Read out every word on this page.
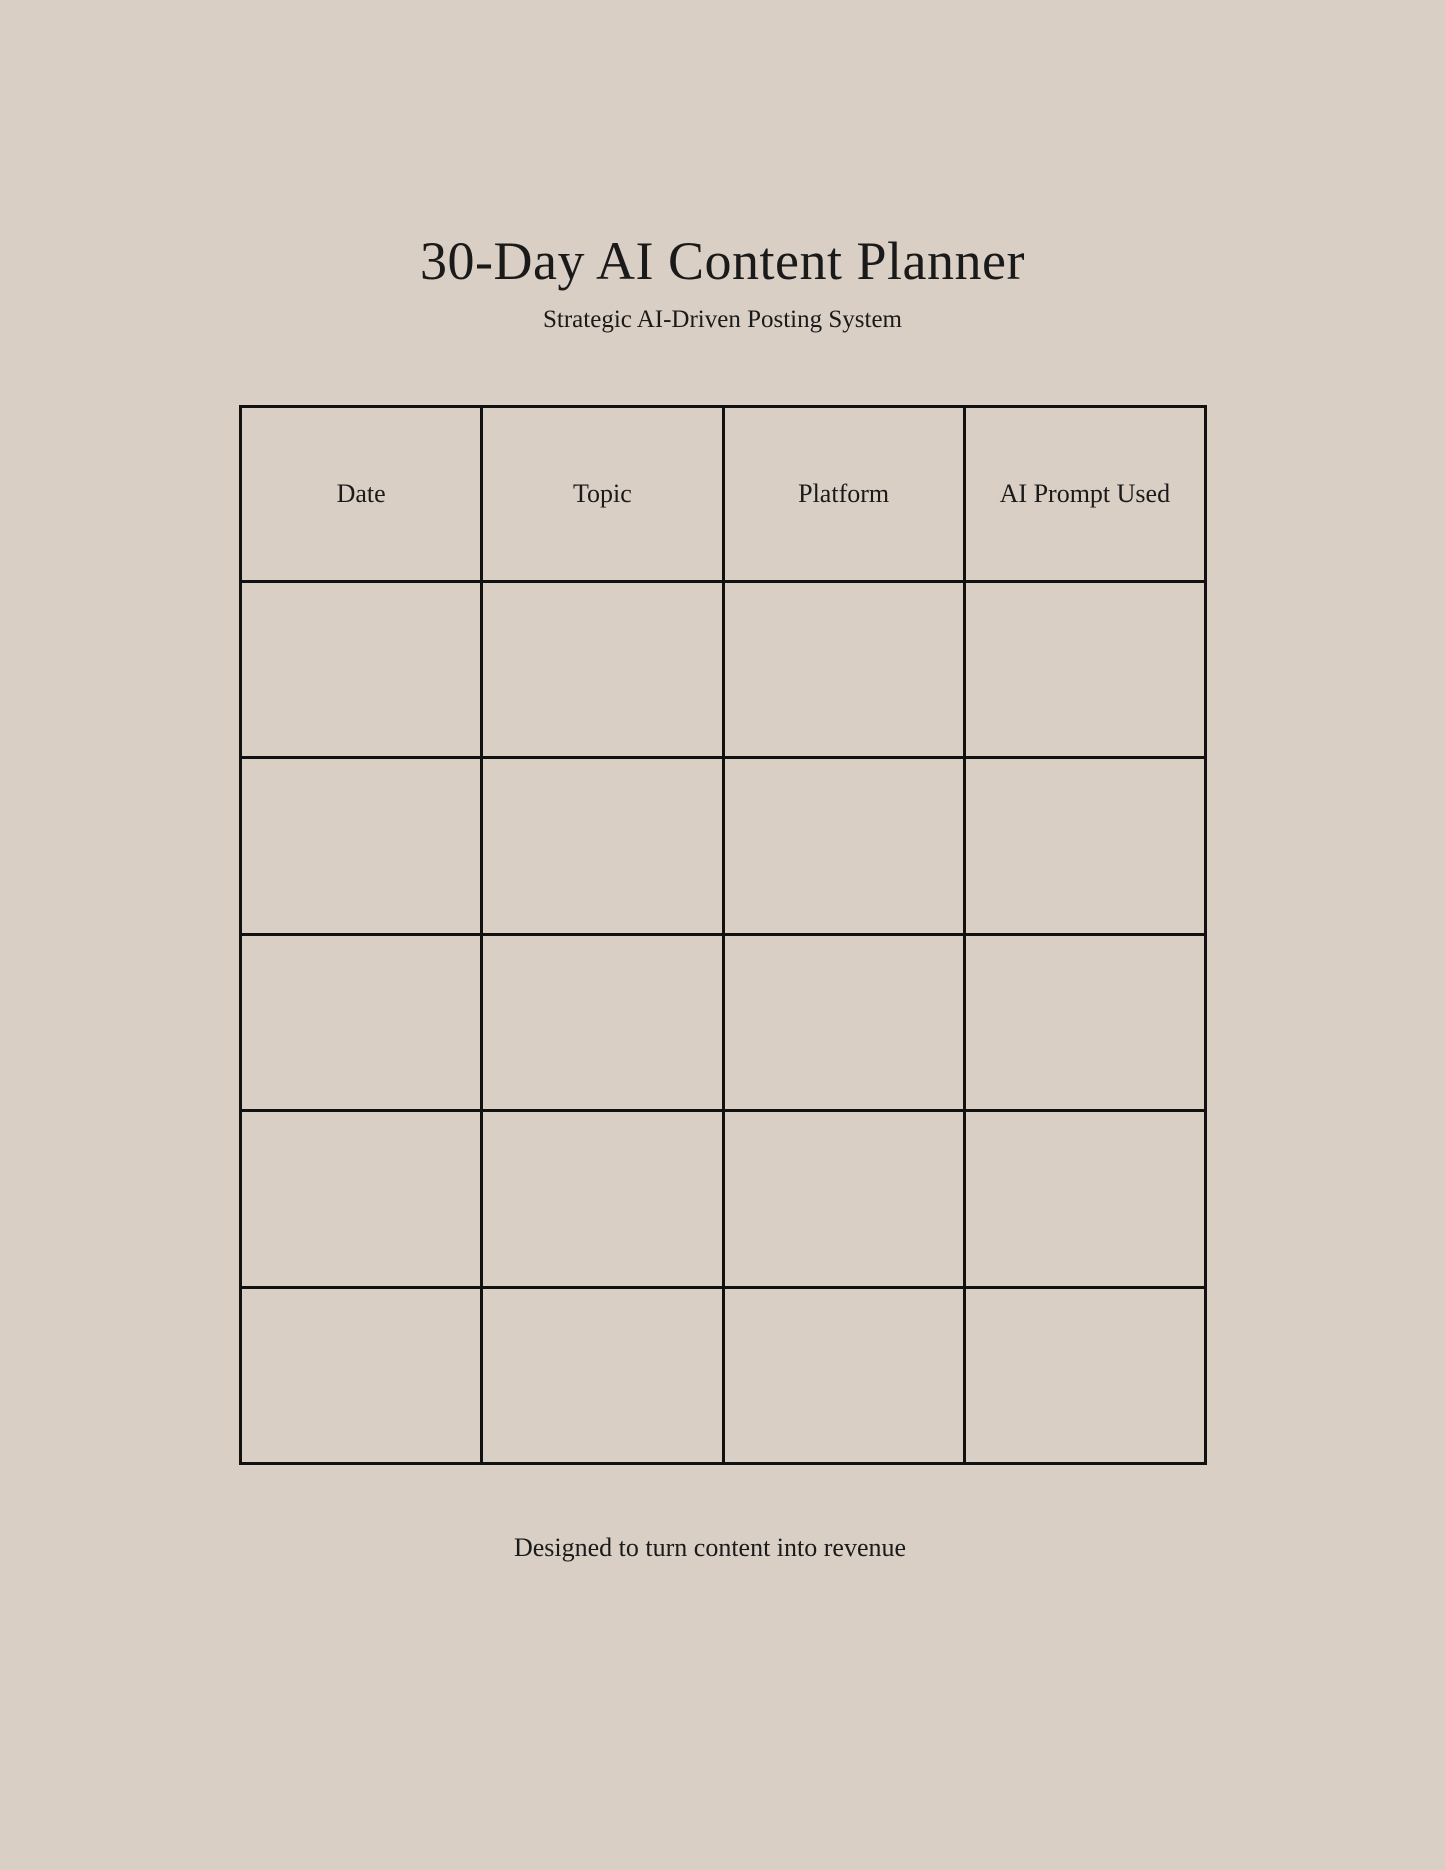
30-Day AI Content Planner
Strategic AI-Driven Posting System
Date	Topic	Platform	AI Prompt Used

Designed to turn content into revenue
